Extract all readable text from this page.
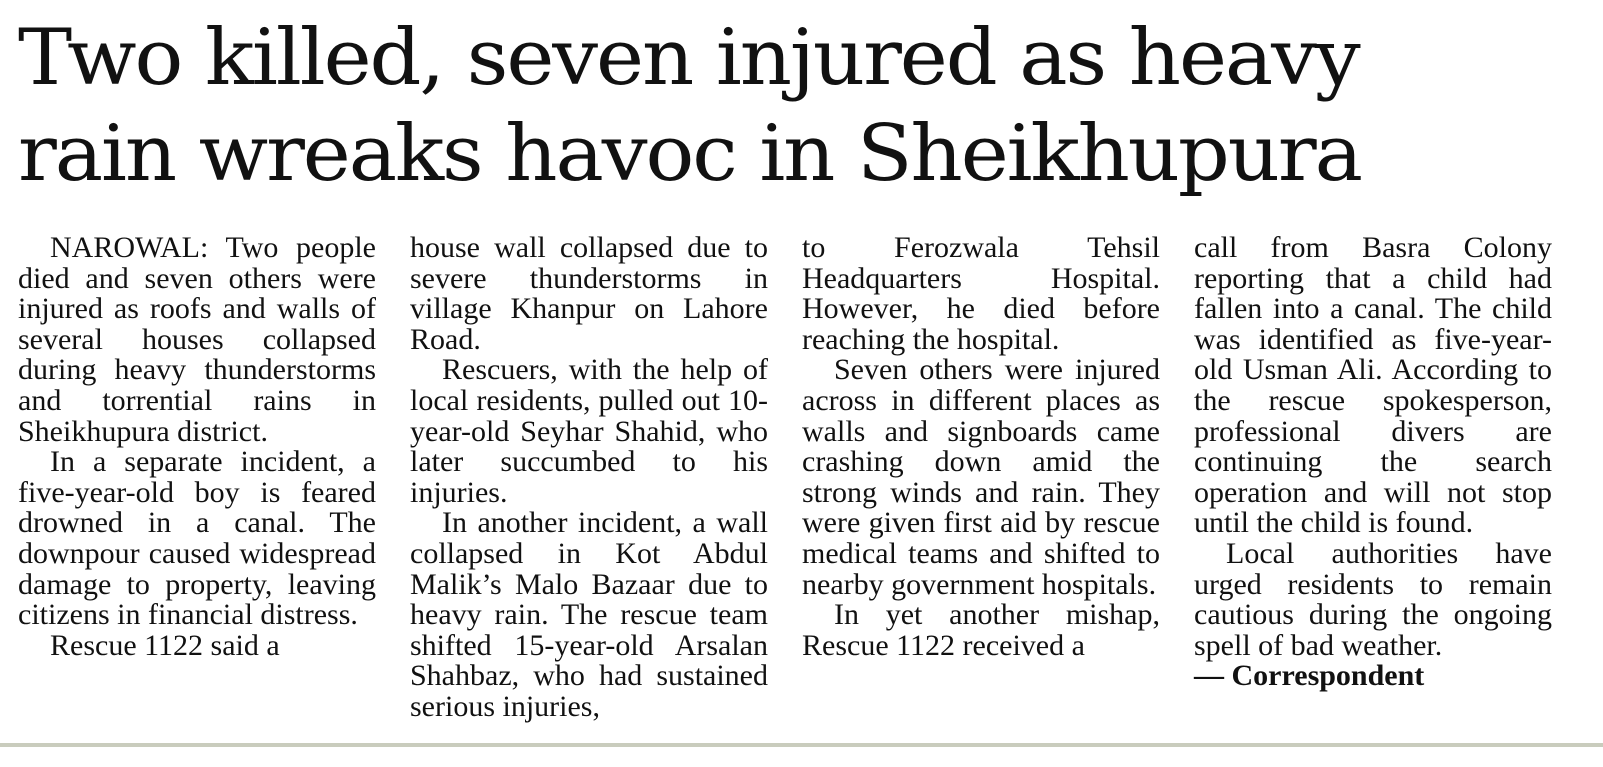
Two killed, seven injured as heavy
rain wreaks havoc in Sheikhupura

NAROWAL: Two people died and seven others were injured as roofs and walls of several houses collapsed during heavy thunderstorms and torrential rains in Sheikhupura district.

In a separate incident, a five-year-old boy is feared drowned in a canal. The downpour caused widespread damage to property, leaving citizens in financial distress.

Rescue 1122 said a

house wall collapsed due to severe thunderstorms in village Khanpur on Lahore Road.

Rescuers, with the help of local residents, pulled out 10-year-old Seyhar Shahid, who later succumbed to his injuries.

In another incident, a wall collapsed in Kot Abdul Malik’s Malo Bazaar due to heavy rain. The rescue team shifted 15-year-old Arsalan Shahbaz, who had sustained serious injuries,

to Ferozwala Tehsil Headquarters Hospital. However, he died before reaching the hospital.

Seven others were injured across in different places as walls and signboards came crashing down amid the strong winds and rain. They were given first aid by rescue medical teams and shifted to nearby government hospitals.

In yet another mishap, Rescue 1122 received a

call from Basra Colony reporting that a child had fallen into a canal. The child was identified as five-year-old Usman Ali. According to the rescue spokesperson, professional divers are continuing the search operation and will not stop until the child is found.

Local authorities have urged residents to remain cautious during the ongoing spell of bad weather.

— Correspondent
